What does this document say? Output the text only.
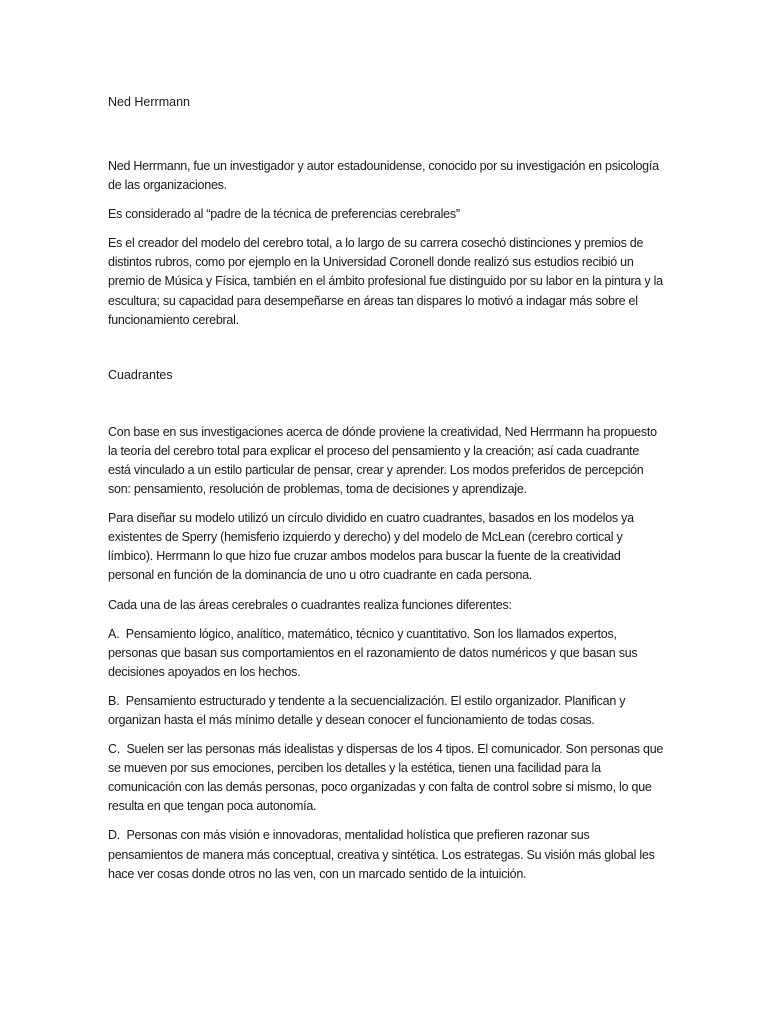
Ned Herrmann

Ned Herrmann, fue un investigador y autor estadounidense, conocido por su investigación en psicología de las organizaciones.

Es considerado al “padre de la técnica de preferencias cerebrales”

Es el creador del modelo del cerebro total, a lo largo de su carrera cosechó distinciones y premios de distintos rubros, como por ejemplo en la Universidad Coronell donde realizó sus estudios recibió un premio de Música y Física, también en el ámbito profesional fue distinguido por su labor en la pintura y la escultura; su capacidad para desempeñarse en áreas tan dispares lo motivó a indagar más sobre el funcionamiento cerebral.

Cuadrantes

Con base en sus investigaciones acerca de dónde proviene la creatividad, Ned Herrmann ha propuesto la teoría del cerebro total para explicar el proceso del pensamiento y la creación; así cada cuadrante está vinculado a un estilo particular de pensar, crear y aprender. Los modos preferidos de percepción son: pensamiento, resolución de problemas, toma de decisiones y aprendizaje.

Para diseñar su modelo utilizó un círculo dividido en cuatro cuadrantes, basados en los modelos ya existentes de Sperry (hemisferio izquierdo y derecho) y del modelo de McLean (cerebro cortical y límbico). Herrmann lo que hizo fue cruzar ambos modelos para buscar la fuente de la creatividad personal en función de la dominancia de uno u otro cuadrante en cada persona.

Cada una de las áreas cerebrales o cuadrantes realiza funciones diferentes:

A. Pensamiento lógico, analítico, matemático, técnico y cuantitativo. Son los llamados expertos, personas que basan sus comportamientos en el razonamiento de datos numéricos y que basan sus decisiones apoyados en los hechos.

B. Pensamiento estructurado y tendente a la secuencialización. El estilo organizador. Planifican y organizan hasta el más mínimo detalle y desean conocer el funcionamiento de todas cosas.

C. Suelen ser las personas más idealistas y dispersas de los 4 tipos. El comunicador. Son personas que se mueven por sus emociones, perciben los detalles y la estética, tienen una facilidad para la comunicación con las demás personas, poco organizadas y con falta de control sobre si mismo, lo que resulta en que tengan poca autonomía.

D. Personas con más visión e innovadoras, mentalidad holística que prefieren razonar sus pensamientos de manera más conceptual, creativa y sintética. Los estrategas. Su visión más global les hace ver cosas donde otros no las ven, con un marcado sentido de la intuición.
